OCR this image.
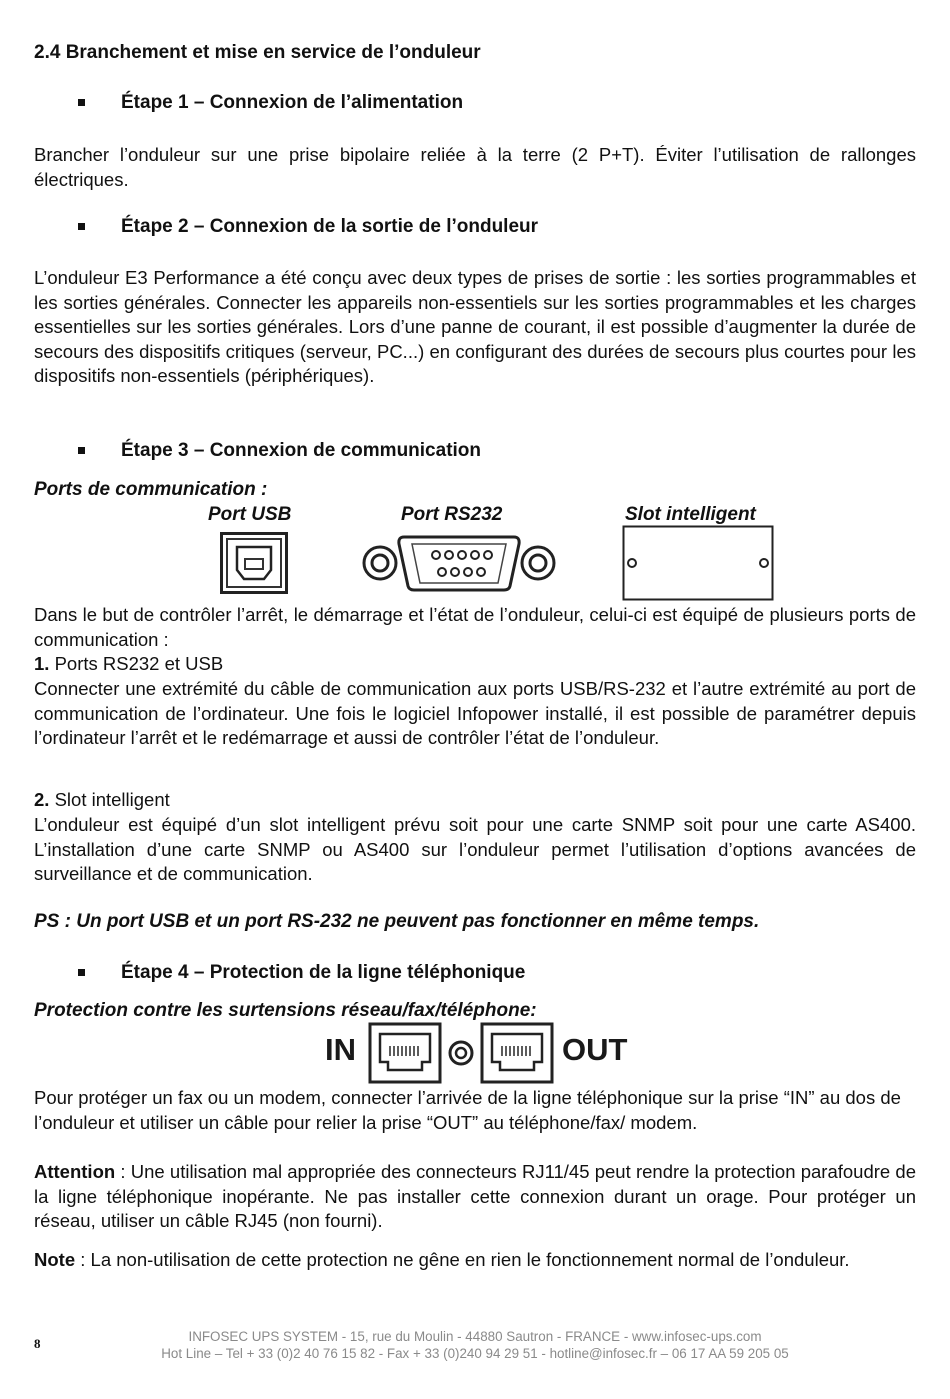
2.4 Branchement et mise en service de l’onduleur
Étape 1 – Connexion de l’alimentation
Brancher l’onduleur sur une prise bipolaire reliée à la terre (2 P+T). Éviter l’utilisation de rallonges électriques.
Étape 2 – Connexion de la sortie de l’onduleur
L’onduleur E3 Performance a été conçu avec deux types de prises de sortie : les sorties programmables et les sorties générales. Connecter les appareils non-essentiels sur les sorties programmables et les charges essentielles sur les sorties générales. Lors d’une panne de courant, il est possible d’augmenter la durée de secours des dispositifs critiques (serveur, PC...) en configurant des durées de secours plus courtes pour les dispositifs non-essentiels (périphériques).
Étape 3 – Connexion de communication
Ports de communication :
Port USB	Port RS232	Slot intelligent
Dans le but de contrôler l’arrêt, le démarrage et l’état de l’onduleur, celui-ci est équipé de plusieurs ports de communication :
1. Ports RS232 et USB
Connecter une extrémité du câble de communication aux ports USB/RS-232 et l’autre extrémité au port de communication de l’ordinateur. Une fois le logiciel Infopower installé, il est possible de paramétrer depuis l’ordinateur l’arrêt et le redémarrage et aussi de contrôler l’état de l’onduleur.
2. Slot intelligent
L’onduleur est équipé d’un slot intelligent prévu soit pour une carte SNMP soit pour une carte AS400. L’installation d’une carte SNMP ou AS400 sur l’onduleur permet l’utilisation d’options avancées de surveillance et de communication.
PS : Un port USB et un port RS-232 ne peuvent pas fonctionner en même temps.
Étape 4 – Protection de la ligne téléphonique
Protection contre les surtensions réseau/fax/téléphone:
IN	OUT
Pour protéger un fax ou un modem, connecter l’arrivée de la ligne téléphonique sur la prise “IN” au dos de l’onduleur et utiliser un câble pour relier la prise “OUT” au téléphone/fax/ modem.
Attention : Une utilisation mal appropriée des connecteurs RJ11/45 peut rendre la protection parafoudre de la ligne téléphonique inopérante. Ne pas installer cette connexion durant un orage. Pour protéger un réseau, utiliser un câble RJ45 (non fourni).
Note : La non-utilisation de cette protection ne gêne en rien le fonctionnement normal de l’onduleur.
8	INFOSEC UPS SYSTEM - 15, rue du Moulin - 44880 Sautron - FRANCE - www.infosec-ups.com
Hot Line – Tel + 33 (0)2 40 76 15 82 - Fax + 33 (0)240 94 29 51 - hotline@infosec.fr – 06 17 AA 59 205 05
